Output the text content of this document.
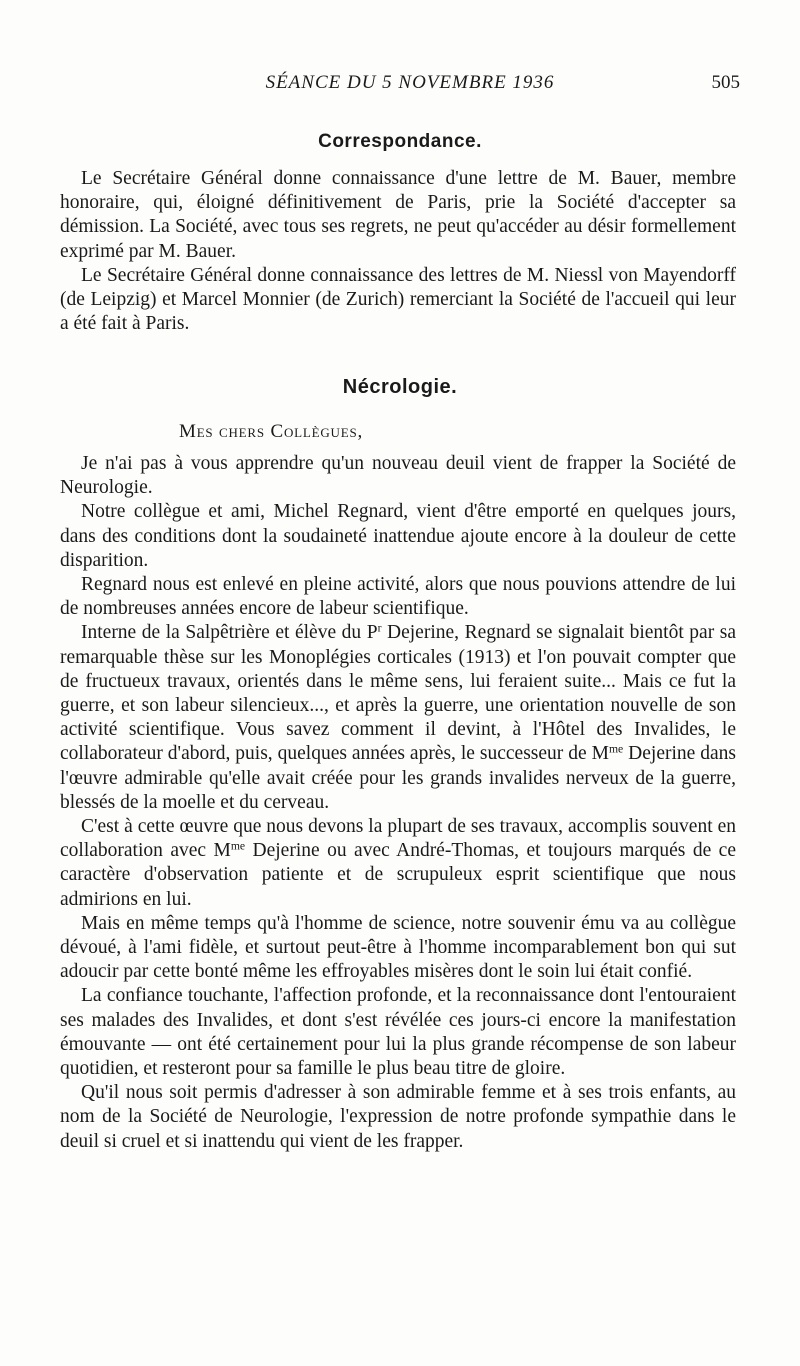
SÉANCE DU 5 NOVEMBRE 1936	505
Correspondance.

Le Secrétaire Général donne connaissance d'une lettre de M. Bauer, membre honoraire, qui, éloigné définitivement de Paris, prie la Société d'accepter sa démission. La Société, avec tous ses regrets, ne peut qu'accéder au désir formellement exprimé par M. Bauer.

Le Secrétaire Général donne connaissance des lettres de M. Niessl von Mayendorff (de Leipzig) et Marcel Monnier (de Zurich) remerciant la Société de l'accueil qui leur a été fait à Paris.

Nécrologie.
Mes chers Collègues,

Je n'ai pas à vous apprendre qu'un nouveau deuil vient de frapper la Société de Neurologie.

Notre collègue et ami, Michel Regnard, vient d'être emporté en quelques jours, dans des conditions dont la soudaineté inattendue ajoute encore à la douleur de cette disparition.

Regnard nous est enlevé en pleine activité, alors que nous pouvions attendre de lui de nombreuses années encore de labeur scientifique.

Interne de la Salpêtrière et élève du $P^r$ Dejerine, Regnard se signalait bientôt par sa remarquable thèse sur les Monoplégies corticales (1913) et l'on pouvait compter que de fructueux travaux, orientés dans le même sens, lui feraient suite... Mais ce fut la guerre, et son labeur silencieux..., et après la guerre, une orientation nouvelle de son activité scientifique. Vous savez comment il devint, à l'Hôtel des Invalides, le collaborateur d'abord, puis, quelques années après, le successeur de $M^{me}$ Dejerine dans l'œuvre admirable qu'elle avait créée pour les grands invalides nerveux de la guerre, blessés de la moelle et du cerveau.

C'est à cette œuvre que nous devons la plupart de ses travaux, accomplis souvent en collaboration avec $M^{me}$ Dejerine ou avec André-Thomas, et toujours marqués de ce caractère d'observation patiente et de scrupuleux esprit scientifique que nous admirions en lui.

Mais en même temps qu'à l'homme de science, notre souvenir ému va au collègue dévoué, à l'ami fidèle, et surtout peut-être à l'homme incomparablement bon qui sut adoucir par cette bonté même les effroyables misères dont le soin lui était confié.

La confiance touchante, l'affection profonde, et la reconnaissance dont l'entouraient ses malades des Invalides, et dont s'est révélée ces jours-ci encore la manifestation émouvante — ont été certainement pour lui la plus grande récompense de son labeur quotidien, et resteront pour sa famille le plus beau titre de gloire.

Qu'il nous soit permis d'adresser à son admirable femme et à ses trois enfants, au nom de la Société de Neurologie, l'expression de notre profonde sympathie dans le deuil si cruel et si inattendu qui vient de les frapper.
